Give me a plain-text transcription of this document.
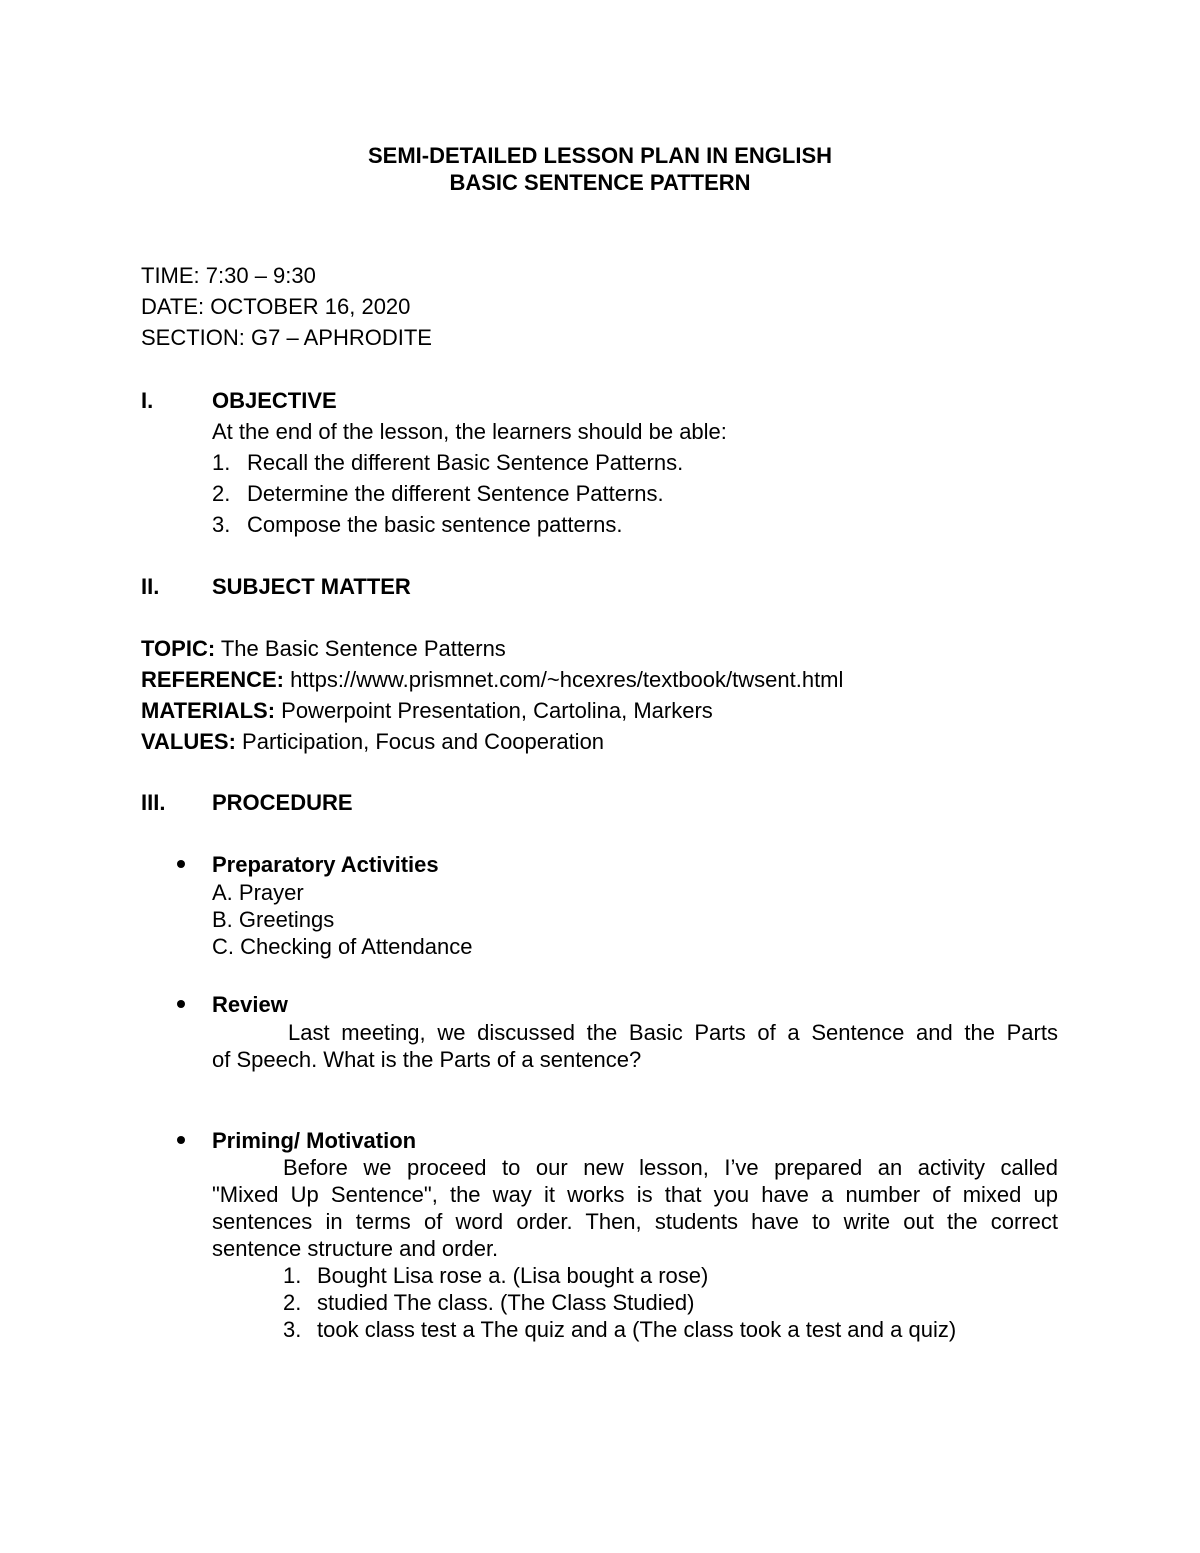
SEMI-DETAILED LESSON PLAN IN ENGLISH
BASIC SENTENCE PATTERN
TIME: 7:30 – 9:30
DATE: OCTOBER 16, 2020
SECTION: G7 – APHRODITE
I.	OBJECTIVE
At the end of the lesson, the learners should be able:
1. Recall the different Basic Sentence Patterns.
2. Determine the different Sentence Patterns.
3. Compose the basic sentence patterns.
II. SUBJECT MATTER
TOPIC: The Basic Sentence Patterns
REFERENCE: https://www.prismnet.com/~hcexres/textbook/twsent.html
MATERIALS: Powerpoint Presentation, Cartolina, Markers
VALUES: Participation, Focus and Cooperation
III. PROCEDURE
Preparatory Activities
A. Prayer
B. Greetings
C. Checking of Attendance
Review
Last meeting, we discussed the Basic Parts of a Sentence and the Parts
of Speech. What is the Parts of a sentence?
Priming/ Motivation
Before we proceed to our new lesson, I’ve prepared an activity called
"Mixed Up Sentence", the way it works is that you have a number of mixed up
sentences in terms of word order. Then, students have to write out the correct
sentence structure and order.
1. Bought Lisa rose a. (Lisa bought a rose)
2. studied The class. (The Class Studied)
3. took class test a The quiz and a (The class took a test and a quiz)
